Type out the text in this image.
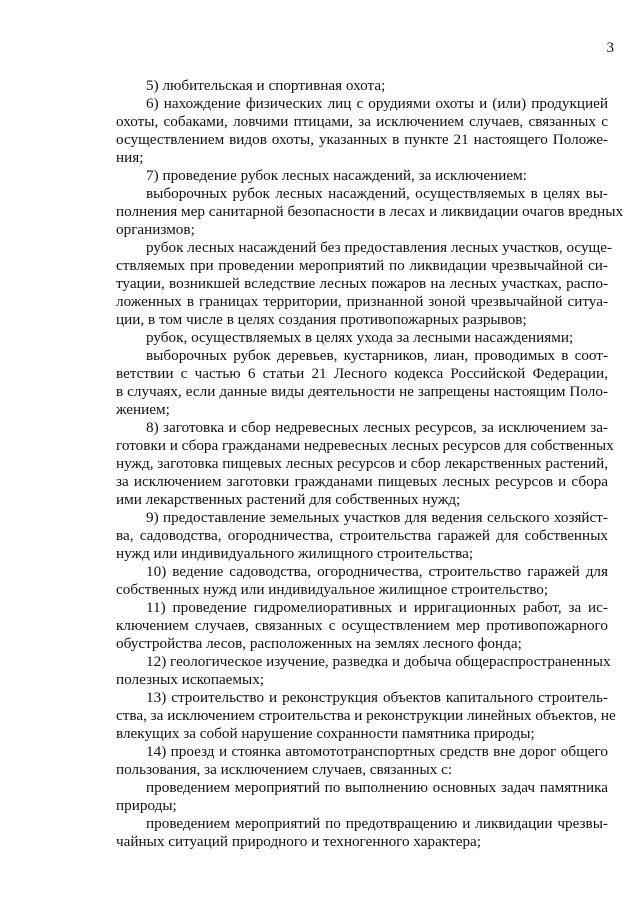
3

5) любительская и спортивная охота;

6) нахождение физических лиц с орудиями охоты и (или) продукцией
охоты, собаками, ловчими птицами, за исключением случаев, связанных с
осуществлением видов охоты, указанных в пункте 21 настоящего Положе-
ния;

7) проведение рубок лесных насаждений, за исключением:

выборочных рубок лесных насаждений, осуществляемых в целях вы-
полнения мер санитарной безопасности в лесах и ликвидации очагов вредных
организмов;

рубок лесных насаждений без предоставления лесных участков, осуще-
ствляемых при проведении мероприятий по ликвидации чрезвычайной си-
туации, возникшей вследствие лесных пожаров на лесных участках, распо-
ложенных в границах территории, признанной зоной чрезвычайной ситуа-
ции, в том числе в целях создания противопожарных разрывов;

рубок, осуществляемых в целях ухода за лесными насаждениями;

выборочных рубок деревьев, кустарников, лиан, проводимых в соот-
ветствии с частью 6 статьи 21 Лесного кодекса Российской Федерации,
в случаях, если данные виды деятельности не запрещены настоящим Поло-
жением;

8) заготовка и сбор недревесных лесных ресурсов, за исключением за-
готовки и сбора гражданами недревесных лесных ресурсов для собственных
нужд, заготовка пищевых лесных ресурсов и сбор лекарственных растений,
за исключением заготовки гражданами пищевых лесных ресурсов и сбора
ими лекарственных растений для собственных нужд;

9) предоставление земельных участков для ведения сельского хозяйст-
ва, садоводства, огородничества, строительства гаражей для собственных
нужд или индивидуального жилищного строительства;

10) ведение садоводства, огородничества, строительство гаражей для
собственных нужд или индивидуальное жилищное строительство;

11) проведение гидромелиоративных и ирригационных работ, за ис-
ключением случаев, связанных с осуществлением мер противопожарного
обустройства лесов, расположенных на землях лесного фонда;

12) геологическое изучение, разведка и добыча общераспространенных
полезных ископаемых;

13) строительство и реконструкция объектов капитального строитель-
ства, за исключением строительства и реконструкции линейных объектов, не
влекущих за собой нарушение сохранности памятника природы;

14) проезд и стоянка автомототранспортных средств вне дорог общего
пользования, за исключением случаев, связанных с:

проведением мероприятий по выполнению основных задач памятника
природы;

проведением мероприятий по предотвращению и ликвидации чрезвы-
чайных ситуаций природного и техногенного характера;
